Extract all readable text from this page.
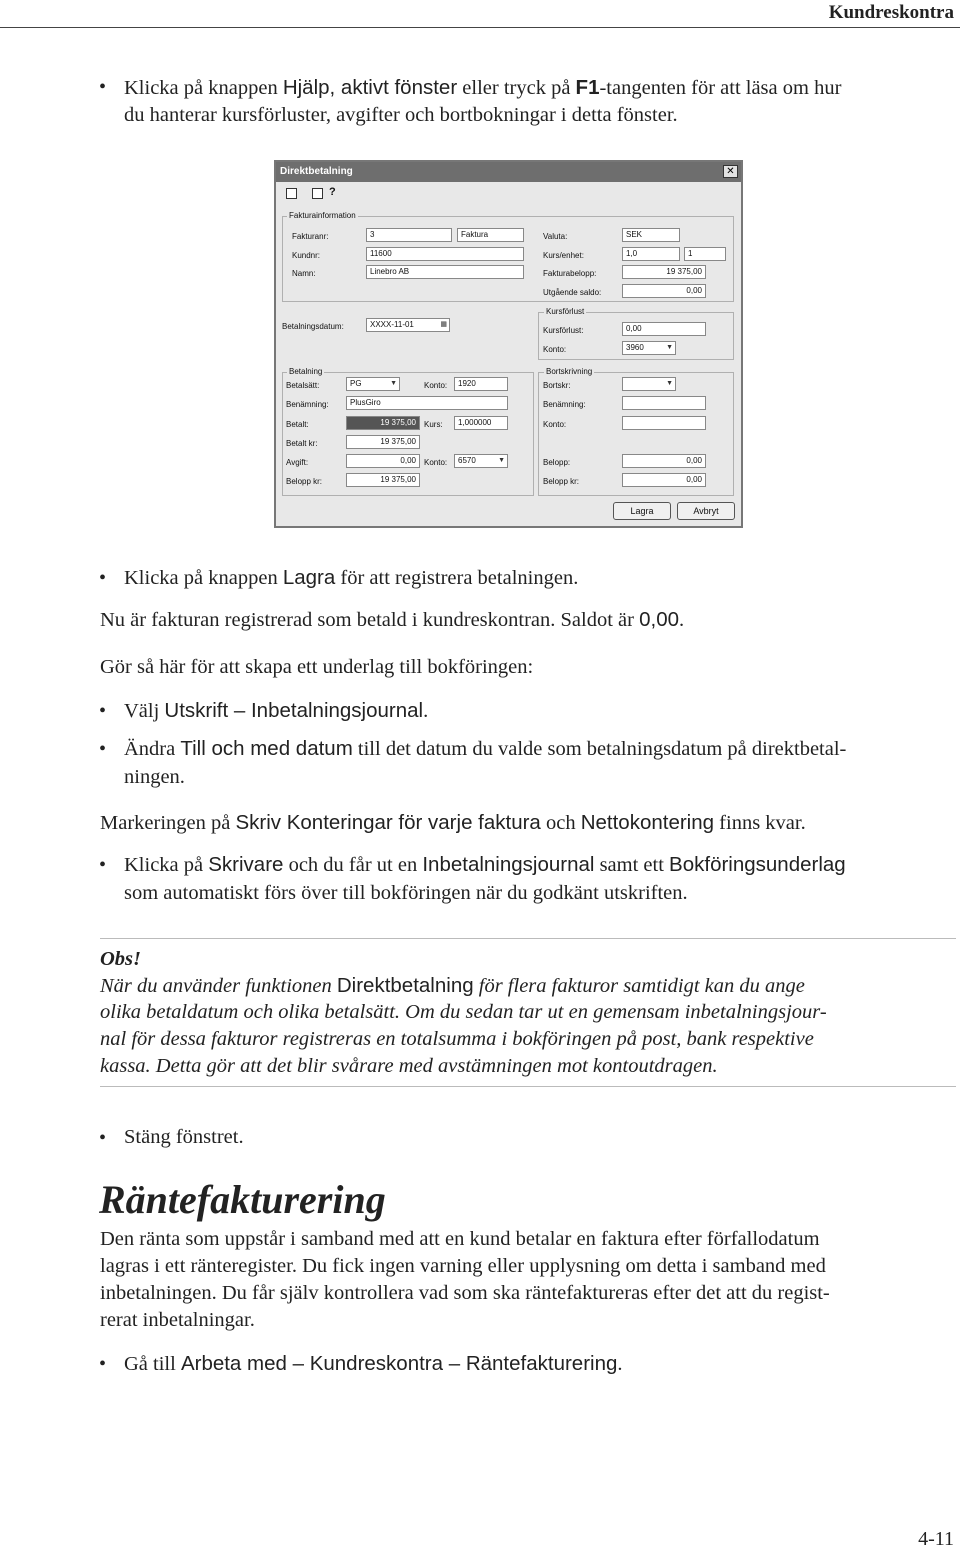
Kundreskontra
• Klicka på knappen Hjälp, aktivt fönster eller tryck på F1-tangenten för att läsa om hur
du hanterar kursförluster, avgifter och bortbokningar i detta fönster.
Direktbetalning	✕
?
Fakturainformation
Fakturanr:	3	Faktura
Kundnr:	11600
Namn:	Linebro AB
Valuta:	SEK
Kurs/enhet:	1,0	1
Fakturabelopp:	19 375,00
Utgående saldo:	0,00
Betalningsdatum:	XXXX-11-01	▦
Kursförlust
Kursförlust:	0,00
Konto:	3960	▼
Betalning
Betalsätt:	PG	▼	Konto:	1920
Benämning:	PlusGiro
Betalt:	19 375,00	Kurs:	1,000000
Betalt kr:	19 375,00
Avgift:	0,00	Konto:	6570	▼
Belopp kr:	19 375,00
Bortskrivning
Bortskr:	▼
Benämning:
Konto:
Belopp:	0,00
Belopp kr:	0,00
Lagra	Avbryt
• Klicka på knappen Lagra för att registrera betalningen.
Nu är fakturan registrerad som betald i kundreskontran. Saldot är 0,00.
Gör så här för att skapa ett underlag till bokföringen:
• Välj Utskrift – Inbetalningsjournal.
• Ändra Till och med datum till det datum du valde som betalningsdatum på direktbetal-
ningen.
Markeringen på Skriv Konteringar för varje faktura och Nettokontering finns kvar.
• Klicka på Skrivare och du får ut en Inbetalningsjournal samt ett Bokföringsunderlag
som automatiskt förs över till bokföringen när du godkänt utskriften.
Obs!
När du använder funktionen Direktbetalning för flera fakturor samtidigt kan du ange
olika betaldatum och olika betalsätt. Om du sedan tar ut en gemensam inbetalningsjour-
nal för dessa fakturor registreras en totalsumma i bokföringen på post, bank respektive
kassa. Detta gör att det blir svårare med avstämningen mot kontoutdragen.
• Stäng fönstret.
Räntefakturering
Den ränta som uppstår i samband med att en kund betalar en faktura efter förfallodatum
lagras i ett ränteregister. Du fick ingen varning eller upplysning om detta i samband med
inbetalningen. Du får själv kontrollera vad som ska räntefaktureras efter det att du regist-
rerat inbetalningar.
• Gå till Arbeta med – Kundreskontra – Räntefakturering.
4-11
